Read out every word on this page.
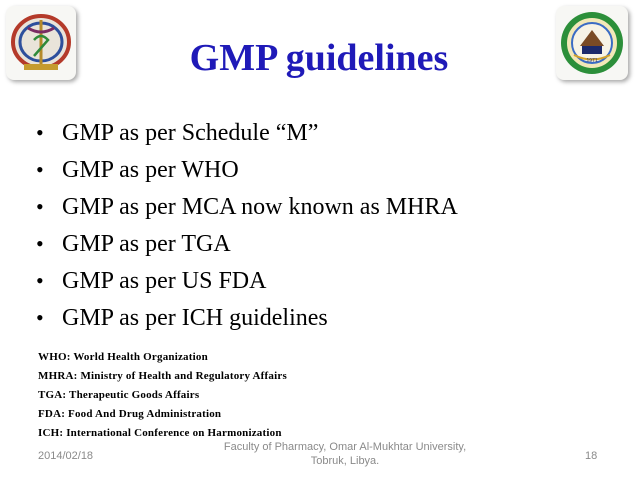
1971
GMP guidelines
• GMP as per Schedule “M”
• GMP as per WHO
• GMP as per MCA now known as MHRA
• GMP as per TGA
• GMP as per US FDA
• GMP as per ICH guidelines
WHO: World Health Organization
MHRA: Ministry of Health and Regulatory Affairs
TGA: Therapeutic Goods Affairs
FDA: Food And Drug Administration
ICH: International Conference on Harmonization
2014/02/18
Faculty of Pharmacy, Omar Al-Mukhtar University,
Tobruk, Libya.	18
